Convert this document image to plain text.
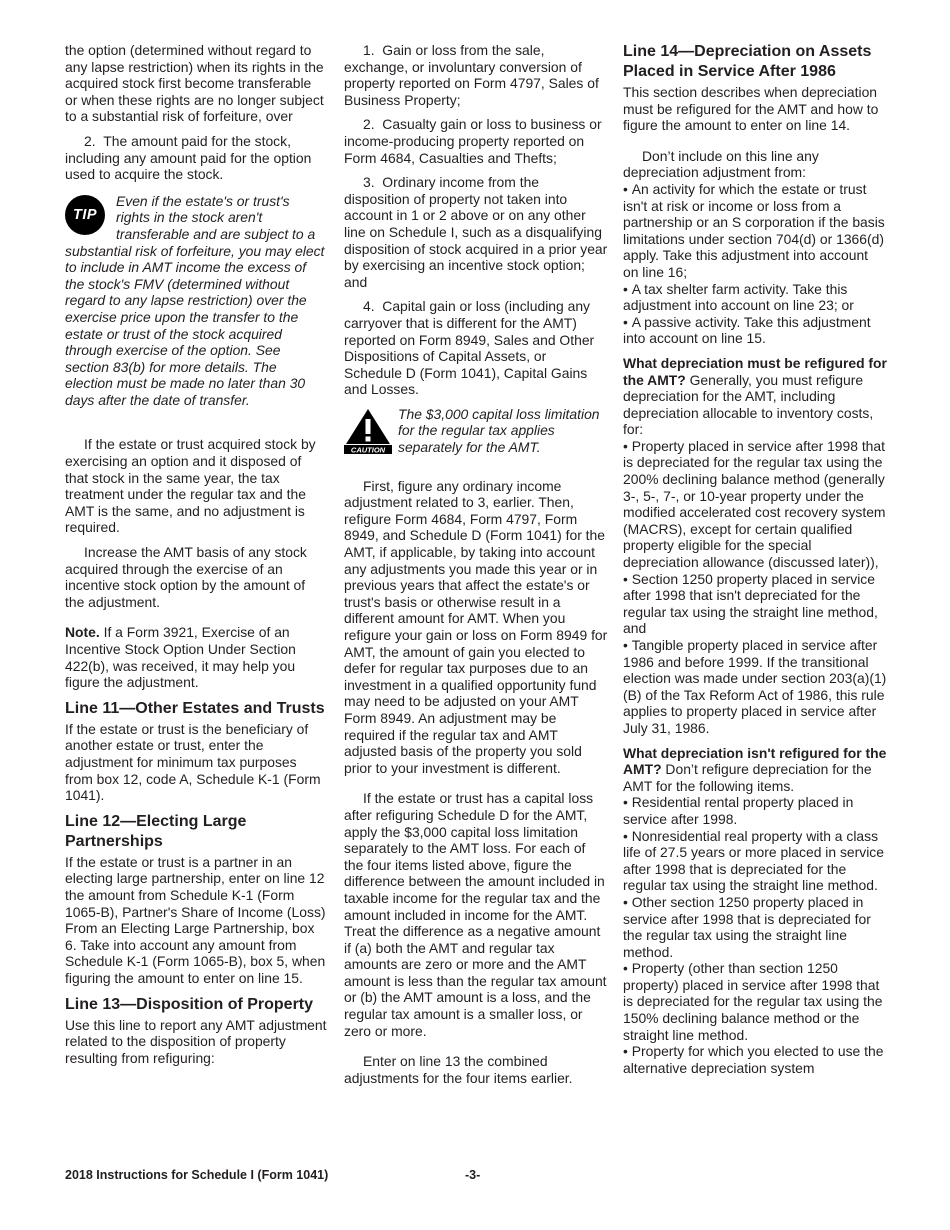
the option (determined without regard to any lapse restriction) when its rights in the acquired stock first become transferable or when these rights are no longer subject to a substantial risk of forfeiture, over

2.  The amount paid for the stock, including any amount paid for the option used to acquire the stock.

TIP
Even if the estate's or trust's rights in the stock aren't transferable and are subject to a substantial risk of forfeiture, you may elect to include in AMT income the excess of the stock's FMV (determined without regard to any lapse restriction) over the exercise price upon the transfer to the estate or trust of the stock acquired through exercise of the option. See section 83(b) for more details. The election must be made no later than 30 days after the date of transfer.

If the estate or trust acquired stock by exercising an option and it disposed of that stock in the same year, the tax treatment under the regular tax and the AMT is the same, and no adjustment is required.

Increase the AMT basis of any stock acquired through the exercise of an incentive stock option by the amount of the adjustment.

Note. If a Form 3921, Exercise of an Incentive Stock Option Under Section 422(b), was received, it may help you figure the adjustment.

Line 11—Other Estates and Trusts

If the estate or trust is the beneficiary of another estate or trust, enter the adjustment for minimum tax purposes from box 12, code A, Schedule K-1 (Form 1041).

Line 12—Electing Large Partnerships

If the estate or trust is a partner in an electing large partnership, enter on line 12 the amount from Schedule K-1 (Form 1065-B), Partner's Share of Income (Loss) From an Electing Large Partnership, box 6. Take into account any amount from Schedule K-1 (Form 1065-B), box 5, when figuring the amount to enter on line 15.

Line 13—Disposition of Property

Use this line to report any AMT adjustment related to the disposition of property resulting from refiguring:

1.  Gain or loss from the sale, exchange, or involuntary conversion of property reported on Form 4797, Sales of Business Property;

2.  Casualty gain or loss to business or income-producing property reported on Form 4684, Casualties and Thefts;

3.  Ordinary income from the disposition of property not taken into account in 1 or 2 above or on any other line on Schedule I, such as a disqualifying disposition of stock acquired in a prior year by exercising an incentive stock option; and

4.  Capital gain or loss (including any carryover that is different for the AMT) reported on Form 8949, Sales and Other Dispositions of Capital Assets, or Schedule D (Form 1041), Capital Gains and Losses.

CAUTION
The $3,000 capital loss limitation for the regular tax applies separately for the AMT.

First, figure any ordinary income adjustment related to 3, earlier. Then, refigure Form 4684, Form 4797, Form 8949, and Schedule D (Form 1041) for the AMT, if applicable, by taking into account any adjustments you made this year or in previous years that affect the estate's or trust's basis or otherwise result in a different amount for AMT. When you refigure your gain or loss on Form 8949 for AMT, the amount of gain you elected to defer for regular tax purposes due to an investment in a qualified opportunity fund may need to be adjusted on your AMT Form 8949. An adjustment may be required if the regular tax and AMT adjusted basis of the property you sold prior to your investment is different.

If the estate or trust has a capital loss after refiguring Schedule D for the AMT, apply the $3,000 capital loss limitation separately to the AMT loss. For each of the four items listed above, figure the difference between the amount included in taxable income for the regular tax and the amount included in income for the AMT. Treat the difference as a negative amount if (a) both the AMT and regular tax amounts are zero or more and the AMT amount is less than the regular tax amount or (b) the AMT amount is a loss, and the regular tax amount is a smaller loss, or zero or more.

Enter on line 13 the combined adjustments for the four items earlier.

Line 14—Depreciation on Assets Placed in Service After 1986

This section describes when depreciation must be refigured for the AMT and how to figure the amount to enter on line 14.

Don’t include on this line any depreciation adjustment from:

• An activity for which the estate or trust isn't at risk or income or loss from a partnership or an S corporation if the basis limitations under section 704(d) or 1366(d) apply. Take this adjustment into account on line 16;

• A tax shelter farm activity. Take this adjustment into account on line 23; or

• A passive activity. Take this adjustment into account on line 15.

What depreciation must be refigured for the AMT? Generally, you must refigure depreciation for the AMT, including depreciation allocable to inventory costs, for:

• Property placed in service after 1998 that is depreciated for the regular tax using the 200% declining balance method (generally 3-, 5-, 7-, or 10-year property under the modified accelerated cost recovery system (MACRS), except for certain qualified property eligible for the special depreciation allowance (discussed later)),

• Section 1250 property placed in service after 1998 that isn't depreciated for the regular tax using the straight line method, and

• Tangible property placed in service after 1986 and before 1999. If the transitional election was made under section 203(a)(1)(B) of the Tax Reform Act of 1986, this rule applies to property placed in service after July 31, 1986.

What depreciation isn't refigured for the AMT? Don’t refigure depreciation for the AMT for the following items.

• Residential rental property placed in service after 1998.

• Nonresidential real property with a class life of 27.5 years or more placed in service after 1998 that is depreciated for the regular tax using the straight line method.

• Other section 1250 property placed in service after 1998 that is depreciated for the regular tax using the straight line method.

• Property (other than section 1250 property) placed in service after 1998 that is depreciated for the regular tax using the 150% declining balance method or the straight line method.

• Property for which you elected to use the alternative depreciation system

2018 Instructions for Schedule I (Form 1041)	-3-
